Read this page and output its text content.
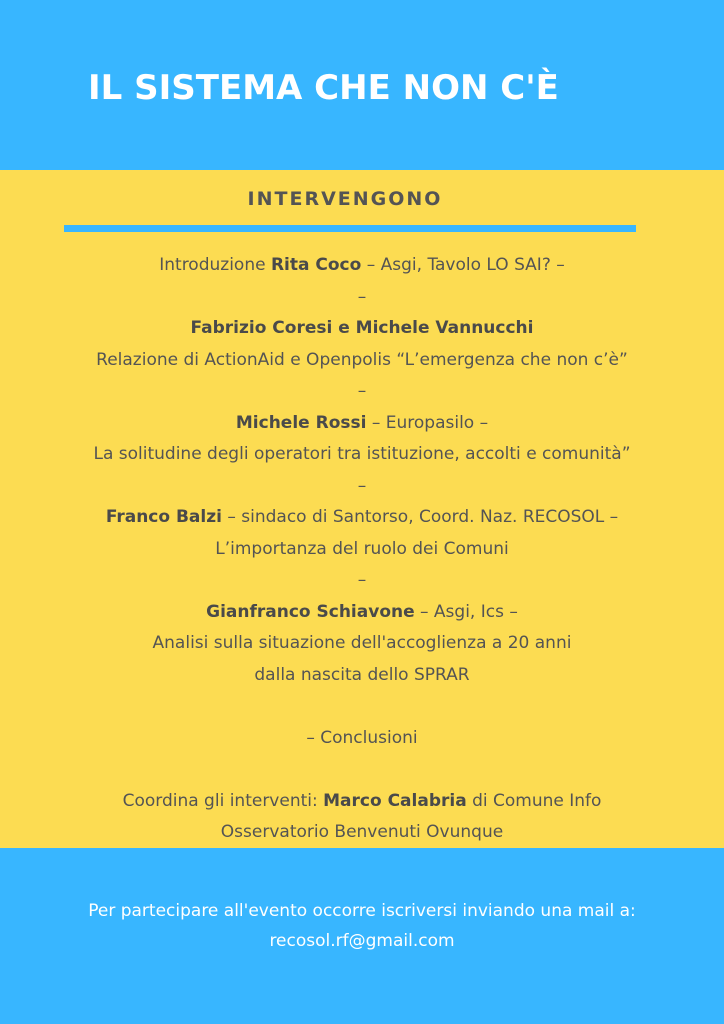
IL SISTEMA CHE NON C'È
INTERVENGONO
Introduzione Rita Coco – Asgi, Tavolo LO SAI? –
–
Fabrizio Coresi e Michele Vannucchi
Relazione di ActionAid e Openpolis “L’emergenza che non c’è”
–
Michele Rossi – Europasilo –
La solitudine degli operatori tra istituzione, accolti e comunità”
–
Franco Balzi – sindaco di Santorso, Coord. Naz. RECOSOL –
L’importanza del ruolo dei Comuni
–
Gianfranco Schiavone – Asgi, Ics –
Analisi sulla situazione dell'accoglienza a 20 anni
dalla nascita dello SPRAR
– Conclusioni
Coordina gli interventi: Marco Calabria di Comune Info
Osservatorio Benvenuti Ovunque
Per partecipare all'evento occorre iscriversi inviando una mail a:
recosol.rf@gmail.com
